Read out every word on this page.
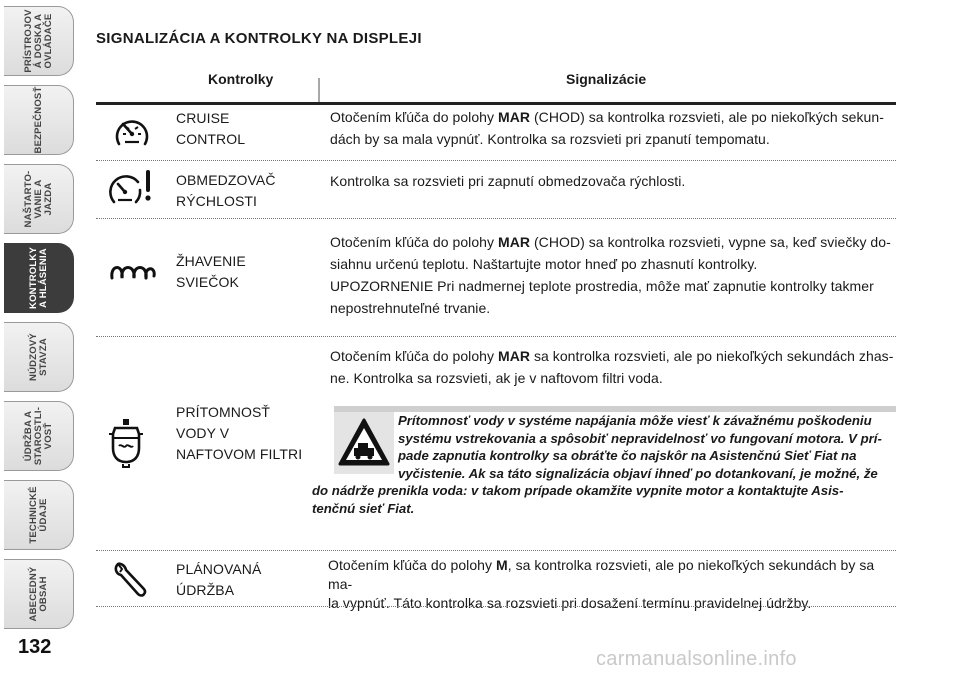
PRÍSTROJOV
Á DOSKA A
OVLÁDAČE
BEZPEČNOSŤ
NAŠTARTO-
VANIE A
JAZDA
KONTROLKY
A HLÁSENIA
NÚDZOVÝ
STAVZA
ÚDRŽBA A
STAROSTLI-
VOSŤ
TECHNICKÉ
ÚDAJE
ABECEDNÝ
OBSAH
132
SIGNALIZÁCIA A KONTROLKY NA DISPLEJI
Kontrolky	Signalizácie
CRUISE
CONTROL
Otočením kľúča do polohy MAR (CHOD) sa kontrolka rozsvieti, ale po niekoľkých sekun-
dách by sa mala vypnúť. Kontrolka sa rozsvieti pri zpanutí tempomatu.
OBMEDZOVAČ
RÝCHLOSTI
Kontrolka sa rozsvieti pri zapnutí obmedzovača rýchlosti.
ŽHAVENIE
SVIEČOK
Otočením kľúča do polohy MAR (CHOD) sa kontrolka rozsvieti, vypne sa, keď sviečky do-
siahnu určenú teplotu. Naštartujte motor hneď po zhasnutí kontrolky.
UPOZORNENIE Pri nadmernej teplote prostredia, môže mať zapnutie kontrolky takmer
nepostrehnuteľné trvanie.
PRÍTOMNOSŤ
VODY V
NAFTOVOM FILTRI
Otočením kľúča do polohy MAR sa kontrolka rozsvieti, ale po niekoľkých sekundách zhas-
ne. Kontrolka sa rozsvieti, ak je v naftovom filtri voda.
Prítomnosť vody v systéme napájania môže viesť k závažnému poškodeniu
systému vstrekovania a spôsobiť nepravidelnosť vo fungovaní motora. V prí-
pade zapnutia kontrolky sa obráťte čo najskôr na Asistenčnú Sieť Fiat na
vyčistenie. Ak sa táto signalizácia objaví ihneď po dotankovaní, je možné, že
do nádrže prenikla voda: v takom prípade okamžite vypnite motor a kontaktujte Asis-
tenčnú sieť Fiat.
PLÁNOVANÁ
ÚDRŽBA
Otočením kľúča do polohy M, sa kontrolka rozsvieti, ale po niekoľkých sekundách by sa ma-
la vypnúť. Táto kontrolka sa rozsvieti pri dosažení termínu pravidelnej údržby.
carmanualsonline.info
